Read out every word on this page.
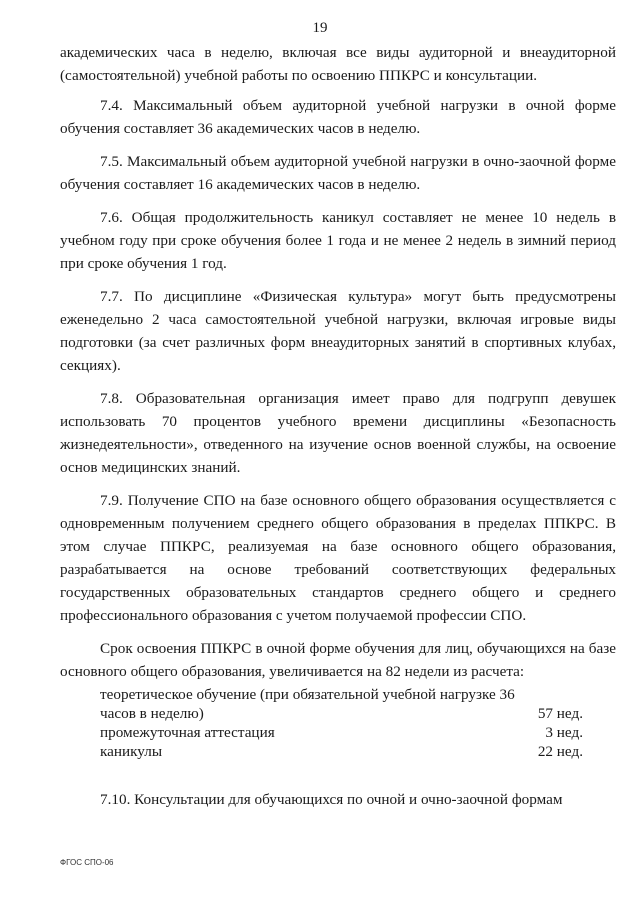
19

академических часа в неделю, включая все виды аудиторной и внеаудиторной (самостоятельной) учебной работы по освоению ППКРС и консультации.

7.4. Максимальный объем аудиторной учебной нагрузки в очной форме обучения составляет 36 академических часов в неделю.

7.5. Максимальный объем аудиторной учебной нагрузки в очно-заочной форме обучения составляет 16 академических часов в неделю.

7.6. Общая продолжительность каникул составляет не менее 10 недель в учебном году при сроке обучения более 1 года и не менее 2 недель в зимний период при сроке обучения 1 год.

7.7. По дисциплине «Физическая культура» могут быть предусмотрены еженедельно 2 часа самостоятельной учебной нагрузки, включая игровые виды подготовки (за счет различных форм внеаудиторных занятий в спортивных клубах, секциях).

7.8. Образовательная организация имеет право для подгрупп девушек использовать 70 процентов учебного времени дисциплины «Безопасность жизнедеятельности», отведенного на изучение основ военной службы, на освоение основ медицинских знаний.

7.9. Получение СПО на базе основного общего образования осуществляется с одновременным получением среднего общего образования в пределах ППКРС. В этом случае ППКРС, реализуемая на базе основного общего образования, разрабатывается на основе требований соответствующих федеральных государственных образовательных стандартов среднего общего и среднего профессионального образования с учетом получаемой профессии СПО.

Срок освоения ППКРС в очной форме обучения для лиц, обучающихся на базе основного общего образования, увеличивается на 82 недели из расчета:

теоретическое обучение (при обязательной учебной нагрузке 36 часов в неделю)	57 нед.
промежуточная аттестация	3 нед.
каникулы	22 нед.

7.10. Консультации для обучающихся по очной и очно-заочной формам

ФГОС СПО-06
